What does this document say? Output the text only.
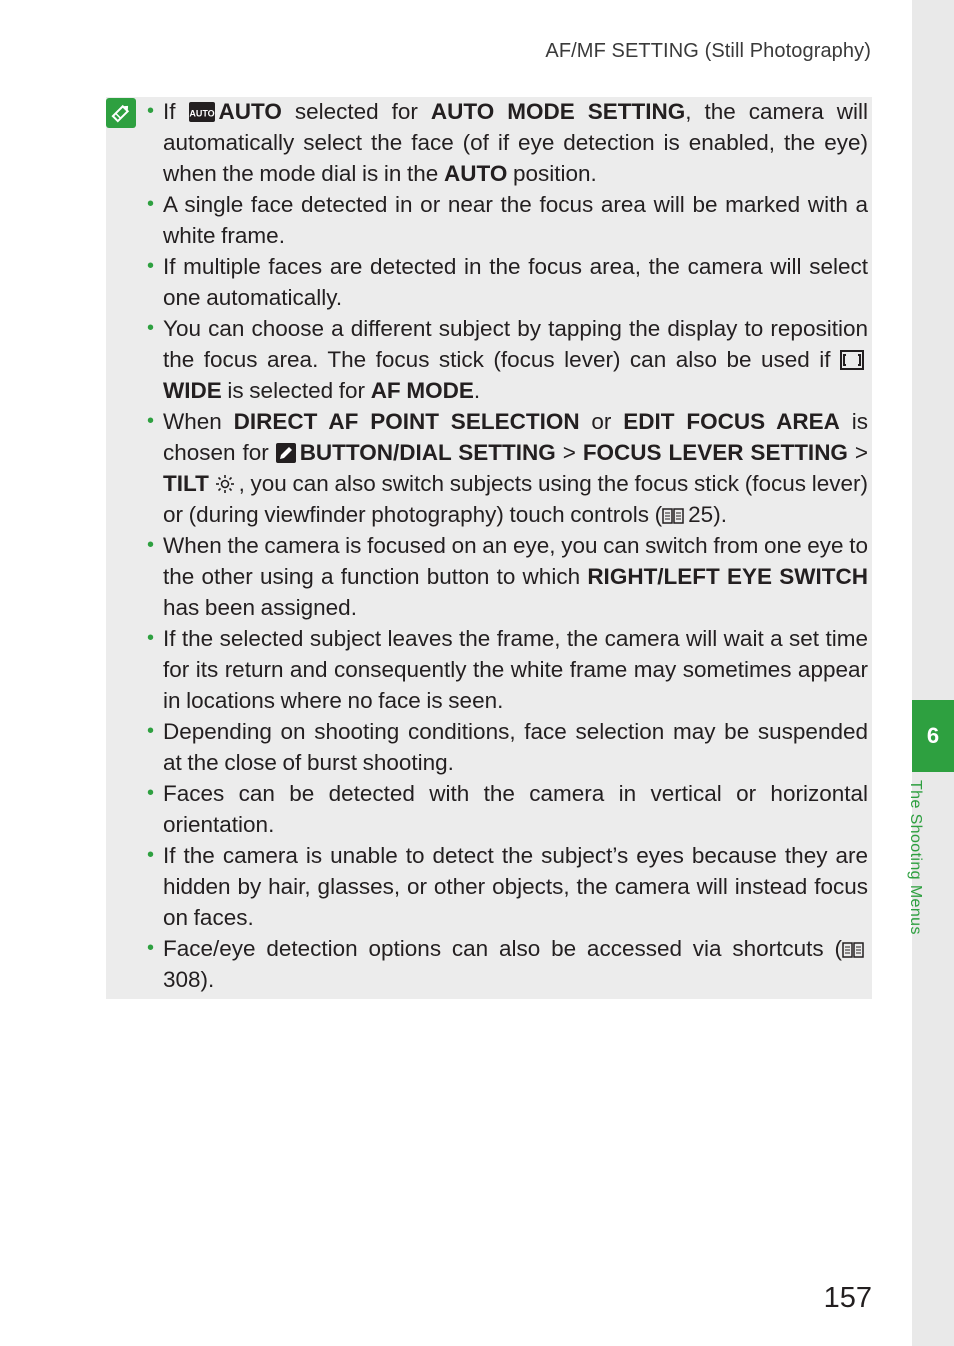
AF/MF SETTING (Still Photography)
6
The Shooting Menus
• If AUTO AUTO selected for AUTO MODE SETTING, the camera will automatically select the face (of if eye detection is enabled, the eye) when the mode dial is in the AUTO position.
• A single face detected in or near the focus area will be marked with a white frame.
• If multiple faces are detected in the focus area, the camera will select one automatically.
• You can choose a different subject by tapping the display to reposition the focus area. The focus stick (focus lever) can also be used if WIDE is selected for AF MODE.
• When DIRECT AF POINT SELECTION or EDIT FOCUS AREA is chosen for BUTTON/DIAL SETTING > FOCUS LEVER SETTING > TILT , you can also switch subjects using the focus stick (focus lever) or (during viewfinder photography) touch controls ( 25).
• When the camera is focused on an eye, you can switch from one eye to the other using a function button to which RIGHT/LEFT EYE SWITCH has been assigned.
• If the selected subject leaves the frame, the camera will wait a set time for its return and consequently the white frame may sometimes appear in locations where no face is seen.
• Depending on shooting conditions, face selection may be suspended at the close of burst shooting.
• Faces can be detected with the camera in vertical or horizontal orientation.
• If the camera is unable to detect the subject’s eyes because they are hidden by hair, glasses, or other objects, the camera will instead focus on faces.
• Face/eye detection options can also be accessed via shortcuts (308).
157
